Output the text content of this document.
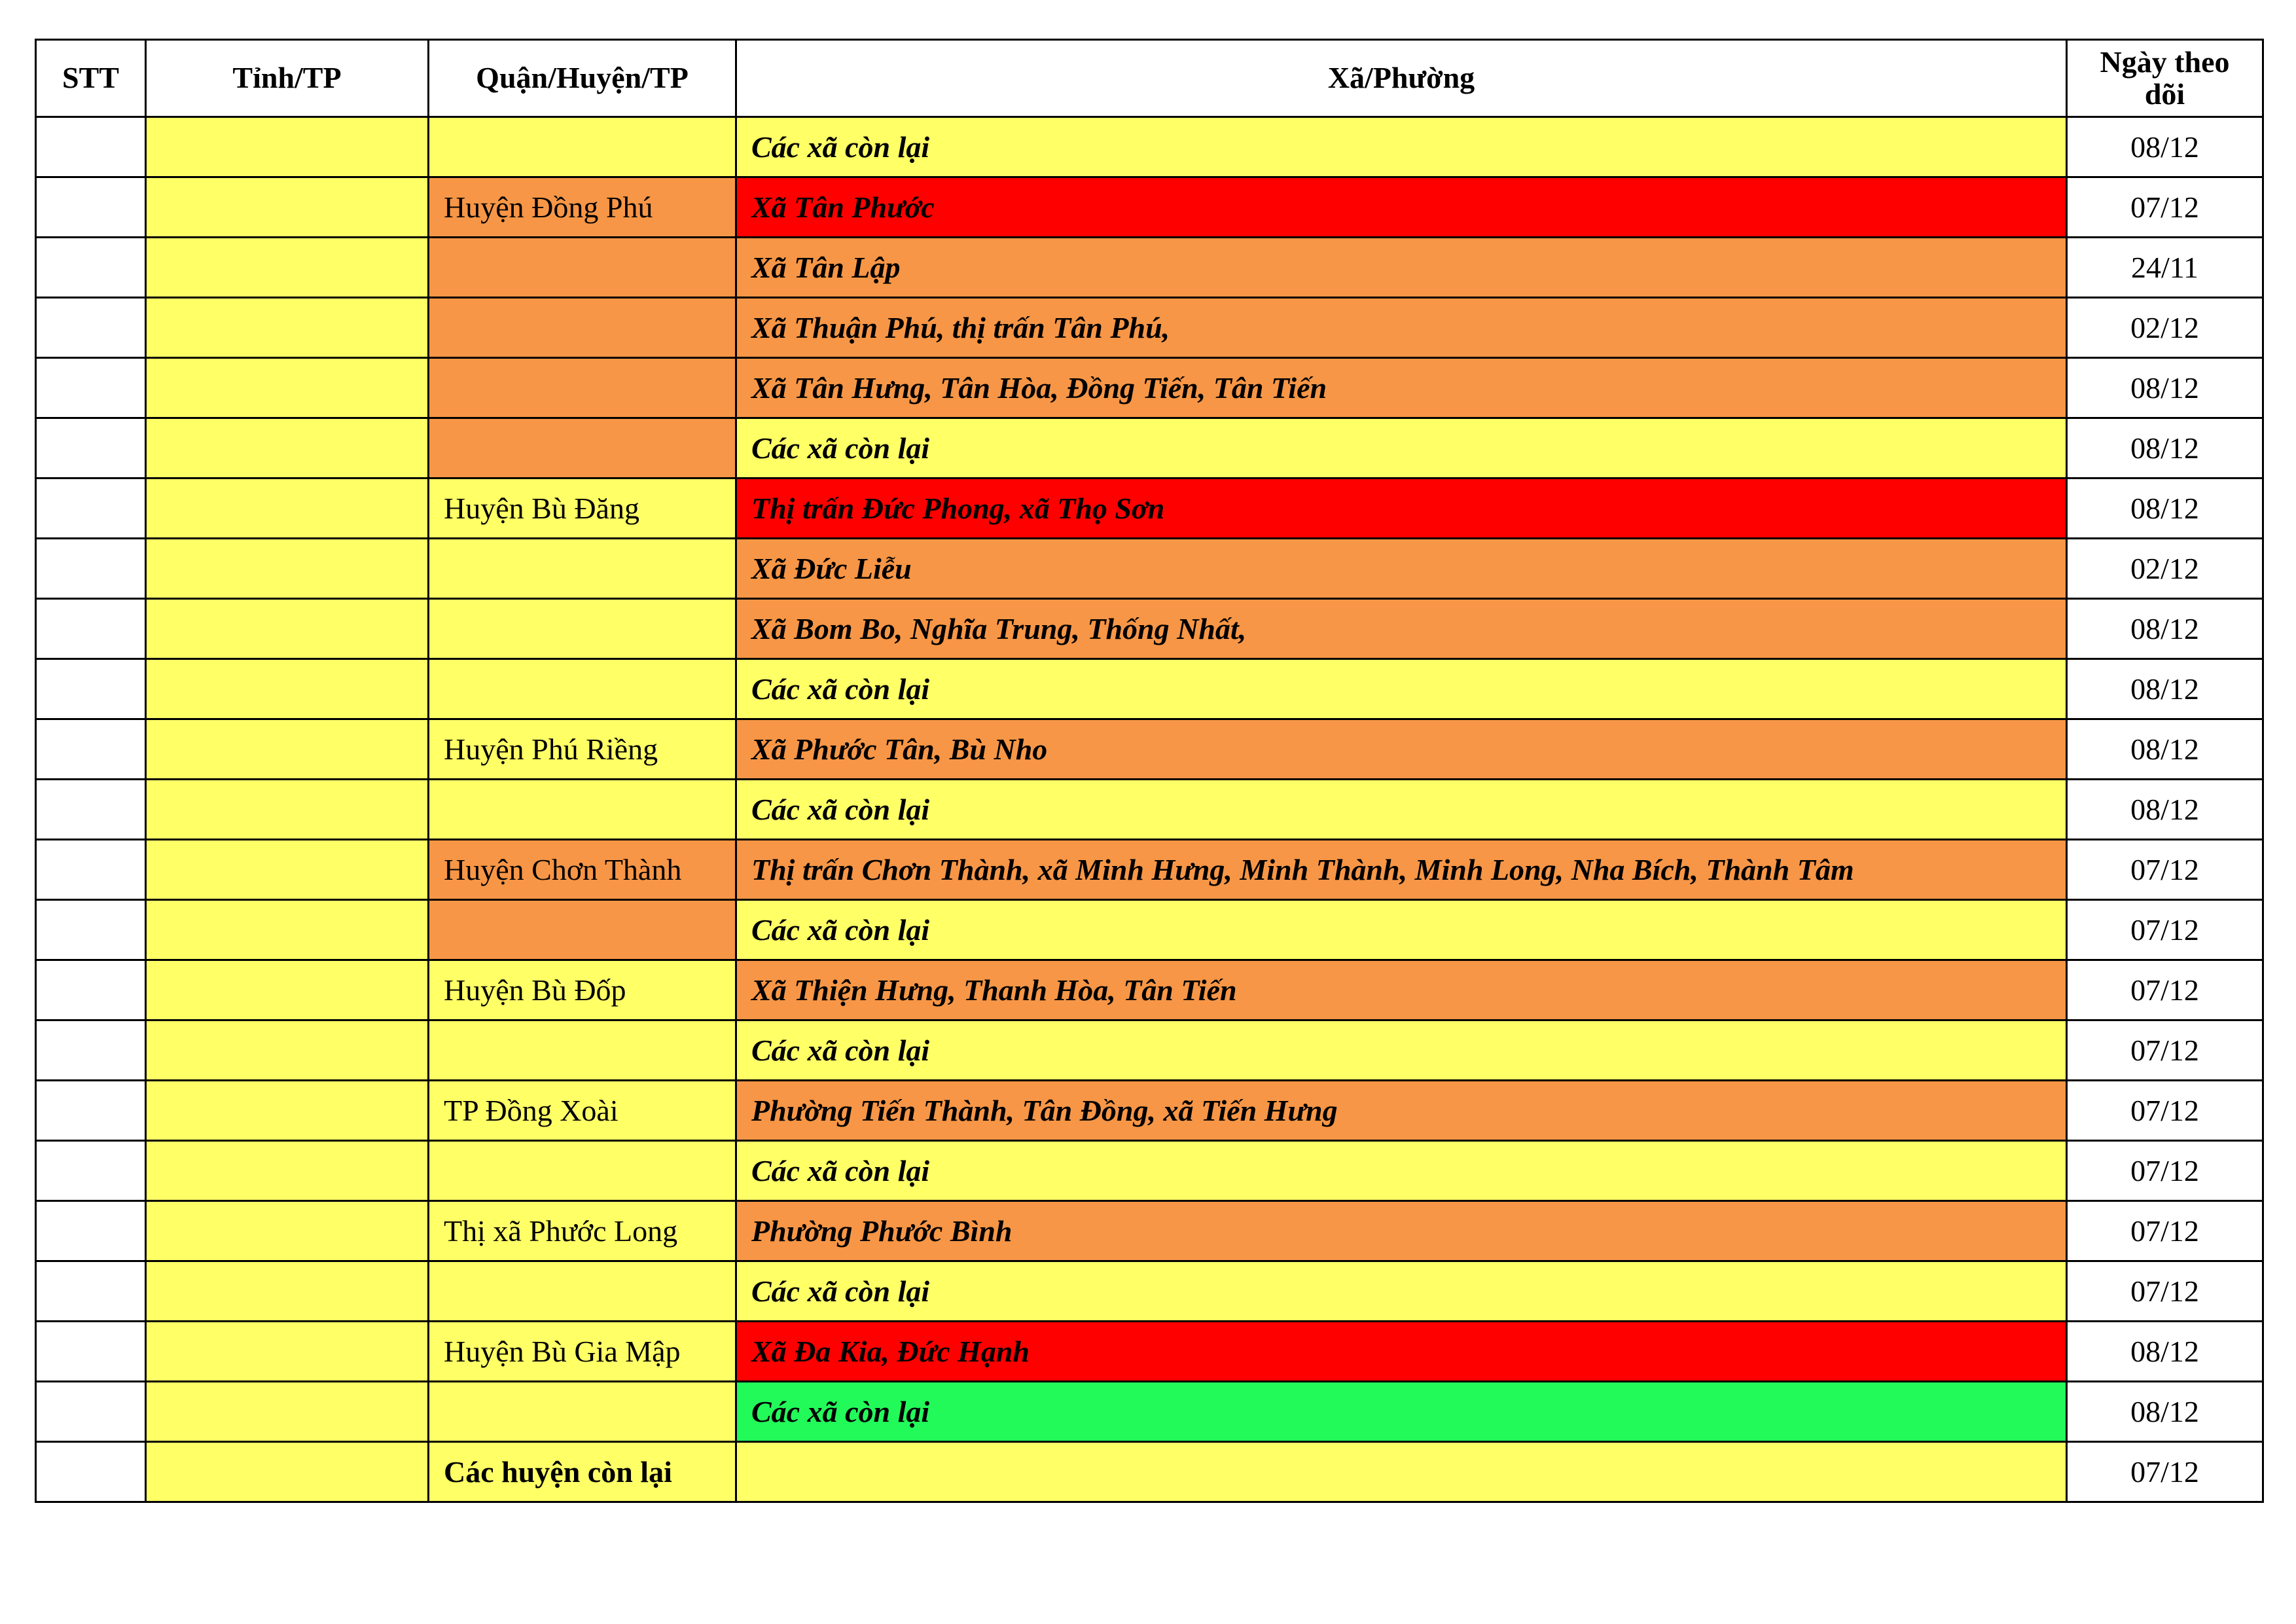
STT	Tỉnh/TP	Quận/Huyện/TP	Xã/Phường	Ngày theo dõi
			Các xã còn lại	08/12
		Huyện Đồng Phú	Xã Tân Phước	07/12
			Xã Tân Lập	24/11
			Xã Thuận Phú, thị trấn Tân Phú,	02/12
			Xã Tân Hưng, Tân Hòa, Đồng Tiến, Tân Tiến	08/12
			Các xã còn lại	08/12
		Huyện Bù Đăng	Thị trấn Đức Phong, xã Thọ Sơn	08/12
			Xã Đức Liễu	02/12
			Xã Bom Bo, Nghĩa Trung, Thống Nhất,	08/12
			Các xã còn lại	08/12
		Huyện Phú Riềng	Xã Phước Tân, Bù Nho	08/12
			Các xã còn lại	08/12
		Huyện Chơn Thành	Thị trấn Chơn Thành, xã Minh Hưng, Minh Thành, Minh Long, Nha Bích, Thành Tâm	07/12
			Các xã còn lại	07/12
		Huyện Bù Đốp	Xã Thiện Hưng, Thanh Hòa, Tân Tiến	07/12
			Các xã còn lại	07/12
		TP Đồng Xoài	Phường Tiến Thành, Tân Đồng, xã Tiến Hưng	07/12
			Các xã còn lại	07/12
		Thị xã Phước Long	Phường Phước Bình	07/12
			Các xã còn lại	07/12
		Huyện Bù Gia Mập	Xã Đa Kia, Đức Hạnh	08/12
			Các xã còn lại	08/12
		Các huyện còn lại		07/12
